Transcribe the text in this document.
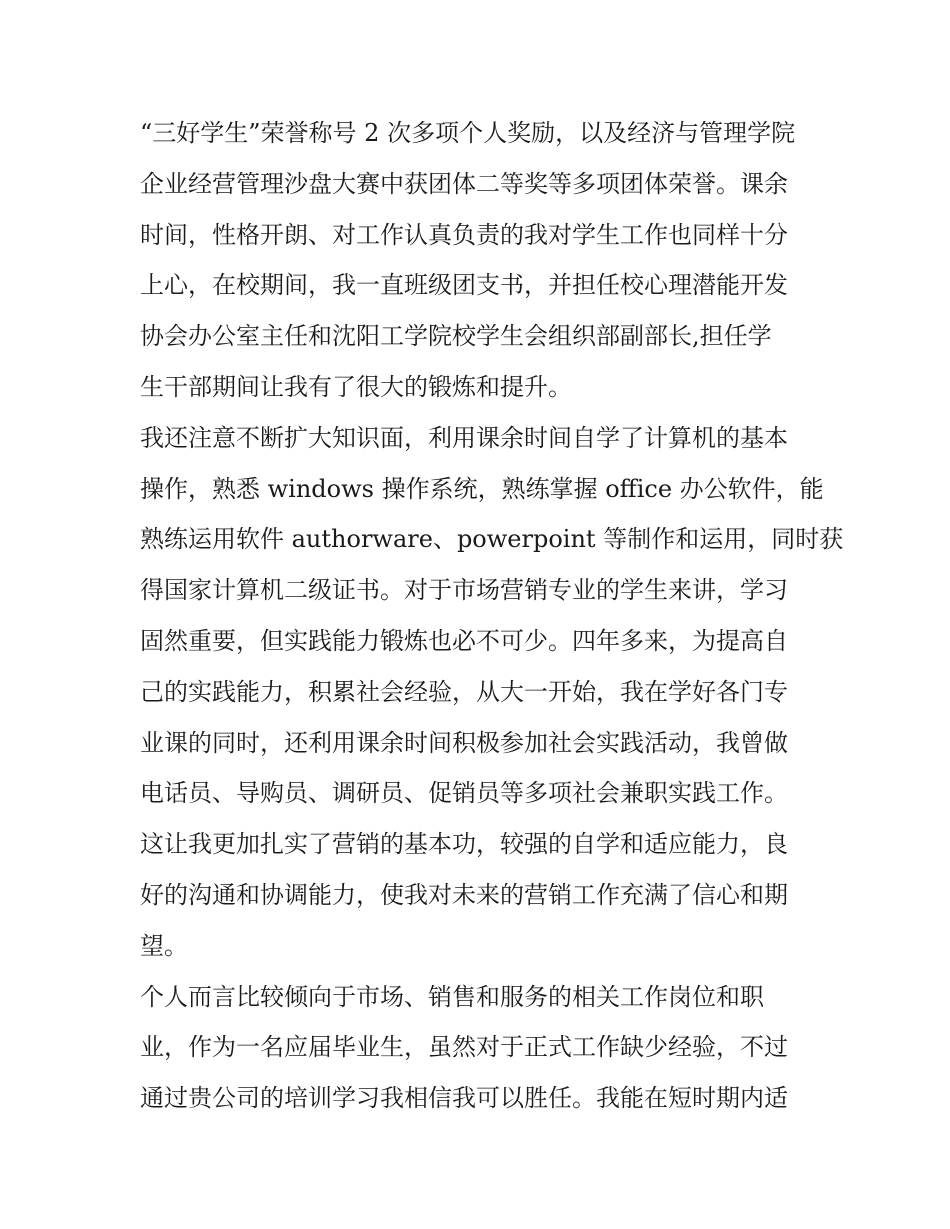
“三好学生”荣誉称号 2 次多项个人奖励，以及经济与管理学院
企业经营管理沙盘大赛中获团体二等奖等多项团体荣誉。课余
时间，性格开朗、对工作认真负责的我对学生工作也同样十分
上心，在校期间，我一直班级团支书，并担任校心理潜能开发
协会办公室主任和沈阳工学院校学生会组织部副部长,担任学
生干部期间让我有了很大的锻炼和提升。
我还注意不断扩大知识面，利用课余时间自学了计算机的基本
操作，熟悉 windows 操作系统，熟练掌握 office 办公软件，能
熟练运用软件 authorware、powerpoint 等制作和运用，同时获
得国家计算机二级证书。对于市场营销专业的学生来讲，学习
固然重要，但实践能力锻炼也必不可少。四年多来，为提高自
己的实践能力，积累社会经验，从大一开始，我在学好各门专
业课的同时，还利用课余时间积极参加社会实践活动，我曾做
电话员、导购员、调研员、促销员等多项社会兼职实践工作。
这让我更加扎实了营销的基本功，较强的自学和适应能力，良
好的沟通和协调能力，使我对未来的营销工作充满了信心和期
望。
个人而言比较倾向于市场、销售和服务的相关工作岗位和职
业，作为一名应届毕业生，虽然对于正式工作缺少经验，不过
通过贵公司的培训学习我相信我可以胜任。我能在短时期内适
